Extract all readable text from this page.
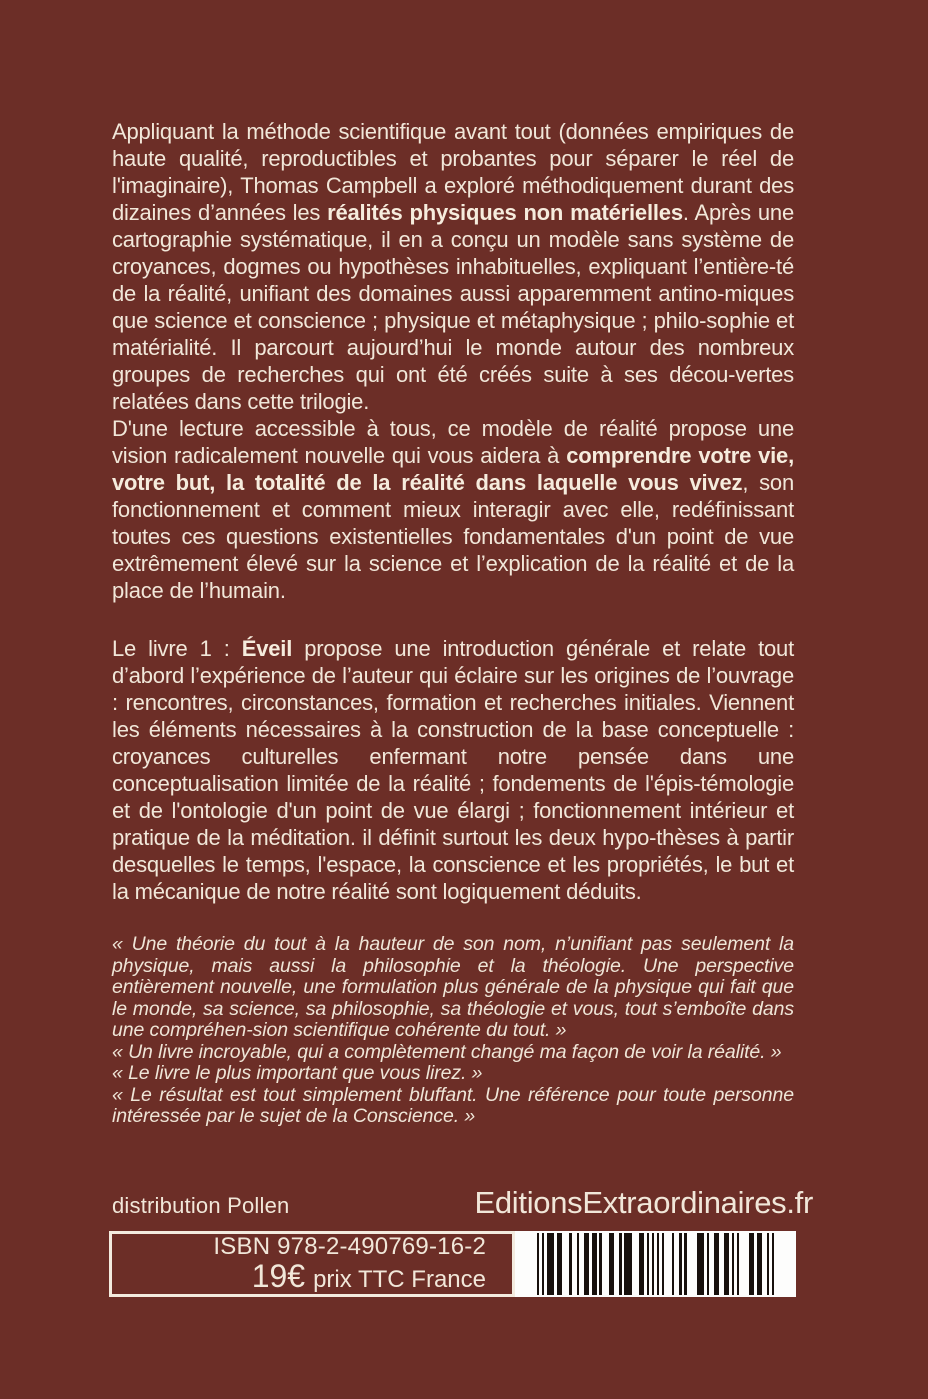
Appliquant la méthode scientifique avant tout (données empiriques de haute qualité, reproductibles et probantes pour séparer le réel de l'imaginaire), Thomas Campbell a exploré méthodiquement durant des dizaines d’années les réalités physiques non matérielles. Après une cartographie systématique, il en a conçu un modèle sans système de croyances, dogmes ou hypothèses inhabituelles, expliquant l’entière-té de la réalité, unifiant des domaines aussi apparemment antino-miques que science et conscience ; physique et métaphysique ; philo-sophie et matérialité. Il parcourt aujourd’hui le monde autour des nombreux groupes de recherches qui ont été créés suite à ses décou-vertes relatées dans cette trilogie.

D'une lecture accessible à tous, ce modèle de réalité propose une vision radicalement nouvelle qui vous aidera à comprendre votre vie, votre but, la totalité de la réalité dans laquelle vous vivez, son fonctionnement et comment mieux interagir avec elle, redéfinissant toutes ces questions existentielles fondamentales d'un point de vue extrêmement élevé sur la science et l’explication de la réalité et de la place de l’humain.

Le livre 1 : Éveil propose une introduction générale et relate tout d’abord l’expérience de l’auteur qui éclaire sur les origines de l’ouvrage : rencontres, circonstances, formation et recherches initiales. Viennent les éléments nécessaires à la construction de la base conceptuelle : croyances culturelles enfermant notre pensée dans une conceptualisation limitée de la réalité ; fondements de l'épis-témologie et de l'ontologie d'un point de vue élargi ; fonctionnement intérieur et pratique de la méditation. il définit surtout les deux hypo-thèses à partir desquelles le temps, l'espace, la conscience et les propriétés, le but et la mécanique de notre réalité sont logiquement déduits.

« Une théorie du tout à la hauteur de son nom, n’unifiant pas seulement la physique, mais aussi la philosophie et la théologie. Une perspective entièrement nouvelle, une formulation plus générale de la physique qui fait que le monde, sa science, sa philosophie, sa théologie et vous, tout s’emboîte dans une compréhen-sion scientifique cohérente du tout. »

« Un livre incroyable, qui a complètement changé ma façon de voir la réalité. »

« Le livre le plus important que vous lirez. »

« Le résultat est tout simplement bluffant. Une référence pour toute personne intéressée par le sujet de la Conscience. »

distribution Pollen	EditionsExtraordinaires.fr
ISBN 978-2-490769-16-2
19€ prix TTC France
